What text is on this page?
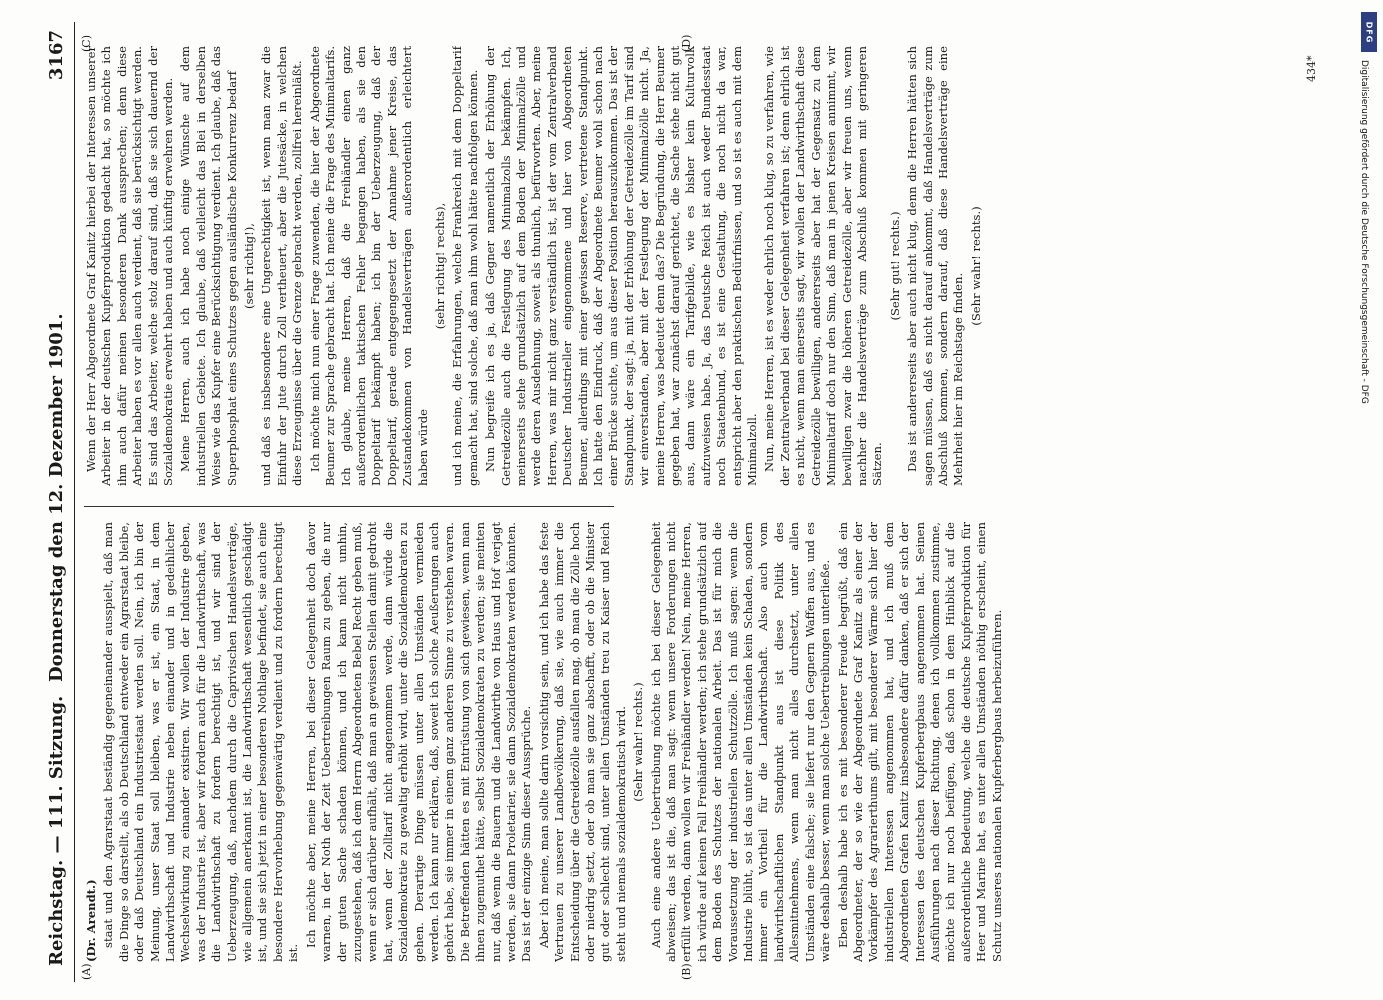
Reichstag. — 111. Sitzung.
Donnerstag den 12. Dezember 1901.
3167

(Dr. Arendt.) staat und den Agrarstaat beständig gegeneinander ausspielt, daß man die Dinge so darstellt, als ob Deutschland entweder ein Agrarstaat bleibe, oder daß Deutschland ein Industriestaat werden soll. Nein, ich bin der Meinung, unser Staat soll bleiben, was er ist, ein Staat, in dem Landwirthschaft und Industrie neben einander und in gedeihlicher Wechselwirkung zu einander existiren. Wir wollen der Industrie geben, was der Industrie ist, aber wir fordern auch für die Landwirthschaft, was die Landwirthschaft zu fordern berechtigt ist, und wir sind der Ueberzeugung, daß, nachdem durch die Caprivischen Handelsverträge, wie allgemein anerkannt ist, die Landwirthschaft wesentlich geschädigt ist, und sie sich jetzt in einer besonderen Nothlage befindet, sie auch eine besondere Hervorhebung gegenwärtig verdient und zu fordern berechtigt ist.

Ich möchte aber, meine Herren, bei dieser Gelegenheit doch davor warnen, in der Noth der Zeit Uebertreibungen Raum zu geben, die nur der guten Sache schaden können, und ich kann nicht umhin, zuzugestehen, daß ich dem Herrn Abgeordneten Bebel Recht geben muß, wenn er sich darüber aufhält, daß man an gewissen Stellen damit gedroht hat, wenn der Zolltarif nicht angenommen werde, dann würde die Sozialdemokratie zu gewaltig erhöht wird, unter die Sozialdemokraten zu gehen. Derartige Dinge müssen unter allen Umständen vermieden werden. Ich kann nur erklären, daß, soweit ich solche Aeußerungen auch gehört habe, sie immer in einem ganz anderen Sinne zu verstehen waren. Die Betreffenden hätten es mit Entrüstung von sich gewiesen, wenn man ihnen zugemuthet hätte, selbst Sozialdemokraten zu werden; sie meinten nur, daß wenn die Bauern und die Landwirthe von Haus und Hof verjagt werden, sie dann Proletarier, sie dann Sozialdemokraten werden könnten. Das ist der einzige Sinn dieser Aussprüche. Aber ich meine, man sollte darin vorsichtig sein, und ich habe das feste Vertrauen zu unserer Landbevölkerung, daß sie, wie auch immer die Entscheidung über die Getreidezölle ausfallen mag, ob man die Zölle hoch oder niedrig setzt, oder ob man sie ganz abschafft, oder ob die Minister gut oder schlecht sind, unter allen Umständen treu zu Kaiser und Reich steht und niemals sozialdemokratisch wird. (Sehr wahr! rechts.) Auch eine andere Uebertreibung möchte ich bei dieser Gelegenheit abweisen; das ist die, daß man sagt: wenn unsere Forderungen nicht erfüllt werden, dann wollen wir Freihändler werden! Nein, meine Herren, ich würde auf keinen Fall Freihändler werden; ich stehe grundsätzlich auf dem Boden des Schutzes der nationalen Arbeit. Das ist für mich die Voraussetzung der industriellen Schutzzölle. Ich muß sagen: wenn die Industrie blüht, so ist das unter allen Umständen kein Schaden, sondern immer ein Vortheil für die Landwirthschaft. Also auch vom landwirthschaftlichen Standpunkt aus ist diese Politik des Allesmitnehmens, wenn man nicht alles durchsetzt, unter allen Umständen eine falsche; sie liefert nur den Gegnern Waffen aus, und es wäre deshalb besser, wenn man solche Uebertreibungen unterließe. Eben deshalb habe ich es mit besonderer Freude begrüßt, daß ein Abgeordneter, der so wie der Abgeordnete Graf Kanitz als einer der Vorkämpfer des Agrarierthums gilt, mit besonderer Wärme sich hier der industriellen Interessen angenommen hat, und ich muß dem Abgeordneten Grafen Kanitz insbesondere dafür danken, daß er sich der Interessen des deutschen Kupferbergbaus angenommen hat. Seinen Ausführungen nach dieser Richtung, denen ich vollkommen zustimme, möchte ich nur noch beifügen, daß schon in dem Hinblick auf die außerordentliche Bedeutung, welche die deutsche Kupferproduktion für Heer und Marine hat, es unter allen Umständen nöthig erscheint, einen Schutz unseres nationalen Kupferbergbaus herbeizuführen.

Wenn der Herr Abgeordnete Graf Kanitz hierbei der Interessen unserer Arbeiter in der deutschen Kupferproduktion gedacht hat, so möchte ich ihm auch dafür meinen besonderen Dank aussprechen; denn diese Arbeiter haben es vor allen auch verdient, daß sie berücksichtigt werden. Es sind das Arbeiter, welche stolz darauf sind, daß sie sich dauernd der Sozialdemokratie erwehrt haben und auch künftig erwehren werden. Meine Herren, auch ich habe noch einige Wünsche auf dem industriellen Gebiete. Ich glaube, daß vielleicht das Blei in derselben Weise wie das Kupfer eine Berücksichtigung verdient. Ich glaube, daß das Superphosphat eines Schutzes gegen ausländische Konkurrenz bedarf (sehr richtig!), und daß es insbesondere eine Ungerechtigkeit ist, wenn man zwar die Einfuhr der Jute durch Zoll vertheuert, aber die Jutesäcke, in welchen diese Erzeugnisse über die Grenze gebracht werden, zollfrei hereinläßt. Ich möchte mich nun einer Frage zuwenden, die hier der Abgeordnete Beumer zur Sprache gebracht hat. Ich meine die Frage des Minimaltarifs. Ich glaube, meine Herren, daß die Freihändler einen ganz außerordentlichen taktischen Fehler begangen haben, als sie den Doppeltarif bekämpft haben; ich bin der Ueberzeugung, daß der Doppeltarif, gerade entgegengesetzt der Annahme jener Kreise, das Zustandekommen von Handelsverträgen außerordentlich erleichtert haben würde

(sehr richtig! rechts), und ich meine, die Erfahrungen, welche Frankreich mit dem Doppeltarif gemacht hat, sind solche, daß man ihm wohl hätte nachfolgen können. Nun begreife ich es ja, daß Gegner namentlich der Erhöhung der Getreidezölle auch die Festlegung des Minimalzolls bekämpfen. Ich, meinerseits stehe grundsätzlich auf dem Boden der Minimalzölle und werde deren Ausdehnung, soweit als thunlich, befürworten. Aber, meine Herren, was mir nicht ganz verständlich ist, ist der vom Zentralverband Deutscher Industrieller eingenommene und hier von Abgeordneten Beumer, allerdings mit einer gewissen Reserve, vertretene Standpunkt. Ich hatte den Eindruck, daß der Abgeordnete Beumer wohl schon nach einer Brücke suchte, um aus dieser Position herauszukommen. Das ist der Standpunkt, der sagt: ja, mit der Erhöhung der Getreidezölle im Tarif sind wir einverstanden, aber mit der Festlegung der Minimalzölle nicht. Ja, meine Herren, was bedeutet denn das? Die Begründung, die Herr Beumer gegeben hat, war zunächst darauf gerichtet, die Sache stehe nicht gut aus, dann wäre ein Tarifgebilde, wie es bisher kein Kulturvolk aufzuweisen habe. Ja, das Deutsche Reich ist auch weder Bundesstaat noch Staatenbund, es ist eine Gestaltung, die noch nicht da war, entspricht aber den praktischen Bedürfnissen, und so ist es auch mit dem Minimalzoll. Nun, meine Herren, ist es weder ehrlich noch klug, so zu verfahren, wie der Zentralverband bei dieser Gelegenheit verfahren ist; denn ehrlich ist es nicht, wenn man einerseits sagt, wir wollen der Landwirthschaft diese Getreidezölle bewilligen, andererseits aber hat der Gegensatz zu dem Minimaltarif doch nur den Sinn, daß man in jenen Kreisen annimmt, wir bewilligen zwar die höheren Getreidezölle, aber wir freuen uns, wenn nachher die Handelsverträge zum Abschluß kommen mit geringeren Sätzen.

(Sehr gut! rechts.) Das ist andererseits aber auch nicht klug, denn die Herren hätten sich sagen müssen, daß es nicht darauf ankommt, daß Handelsverträge zum Abschluß kommen, sondern darauf, daß diese Handelsverträge eine Mehrheit hier im Reichstage finden.

(Sehr wahr! rechts.)

(A)	(B)
(C)	(D)
434*
DFG
Digitalisierung gefördert durch die Deutsche Forschungsgemeinschaft - DFG
